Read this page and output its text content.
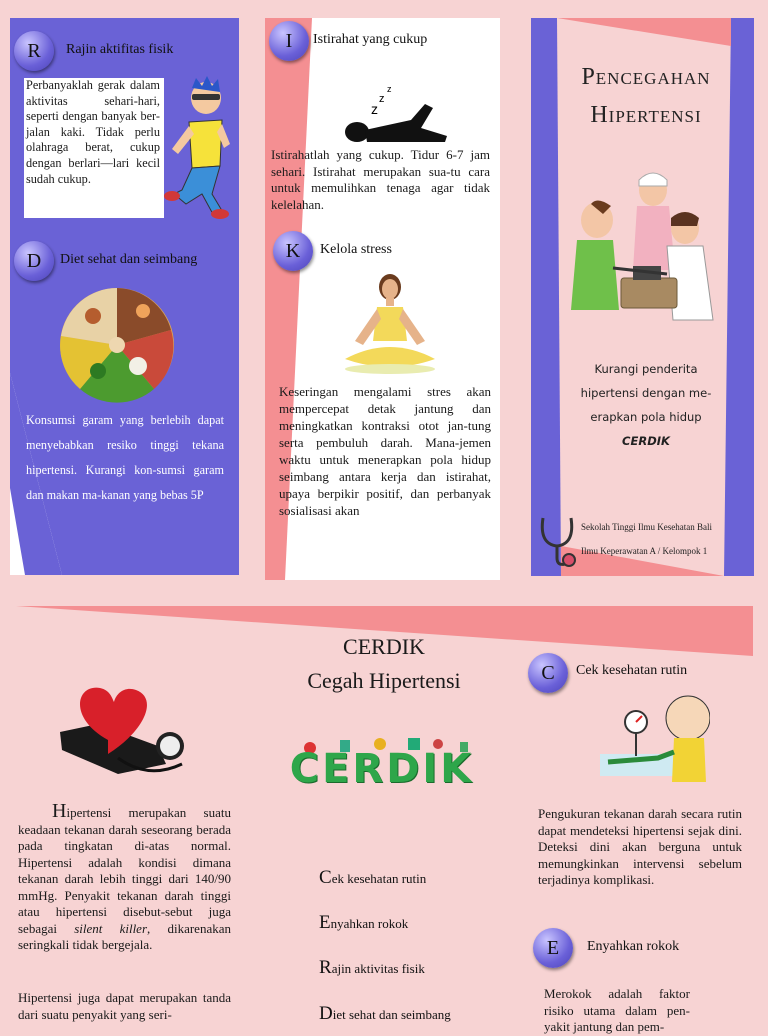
R	Rajin aktifitas fisik
Perbanyaklah gerak dalam aktivitas sehari-hari, seperti dengan banyak ber-jalan kaki. Tidak perlu olahraga berat, cukup dengan berlari—lari kecil sudah cukup.
D	Diet sehat dan seimbang
Konsumsi garam yang berlebih dapat menyebabkan resiko tinggi tekana hipertensi. Kurangi kon-sumsi garam dan makan ma-kanan yang bebas 5P
I	Istirahat yang cukup
z
z
z
Istirahatlah yang cukup. Tidur 6-7 jam sehari. Istirahat merupakan sua-tu cara untuk memulihkan tenaga agar tidak kelelahan.
K	Kelola stress
Keseringan mengalami stres akan mempercepat detak jantung dan meningkatkan kontraksi otot jan-tung serta pembuluh darah. Mana-jemen waktu untuk menerapkan pola hidup seimbang antara kerja dan istirahat, upaya berpikir positif, dan perbanyak sosialisasi akan
Pencegahan
Hipertensi
Kurangi penderita
hipertensi dengan me-
erapkan pola hidup
CERDIK
Sekolah Tinggi Ilmu Kesehatan Bali
Ilmu Keperawatan A / Kelompok 1
Hipertensi merupakan suatu keadaan tekanan darah seseorang berada pada tingkatan di-atas normal. Hipertensi adalah kondisi dimana tekanan darah lebih tinggi dari 140/90 mmHg. Penyakit tekanan darah tinggi atau hipertensi disebut-sebut juga sebagai silent killer, dikarenakan seringkali tidak bergejala.
Hipertensi juga dapat merupakan tanda dari suatu penyakit yang seri-
CERDIK
Cegah Hipertensi
CERDIK
Cek kesehatan rutin
Enyahkan rokok
Rajin aktivitas fisik
Diet sehat dan seimbang
C	Cek kesehatan rutin
Pengukuran tekanan darah secara rutin dapat mendeteksi hipertensi sejak dini. Deteksi dini akan berguna untuk memungkinkan intervensi sebelum terjadinya komplikasi.
E	Enyahkan rokok
Merokok adalah faktor risiko utama dalam pen-yakit jantung dan pem-
